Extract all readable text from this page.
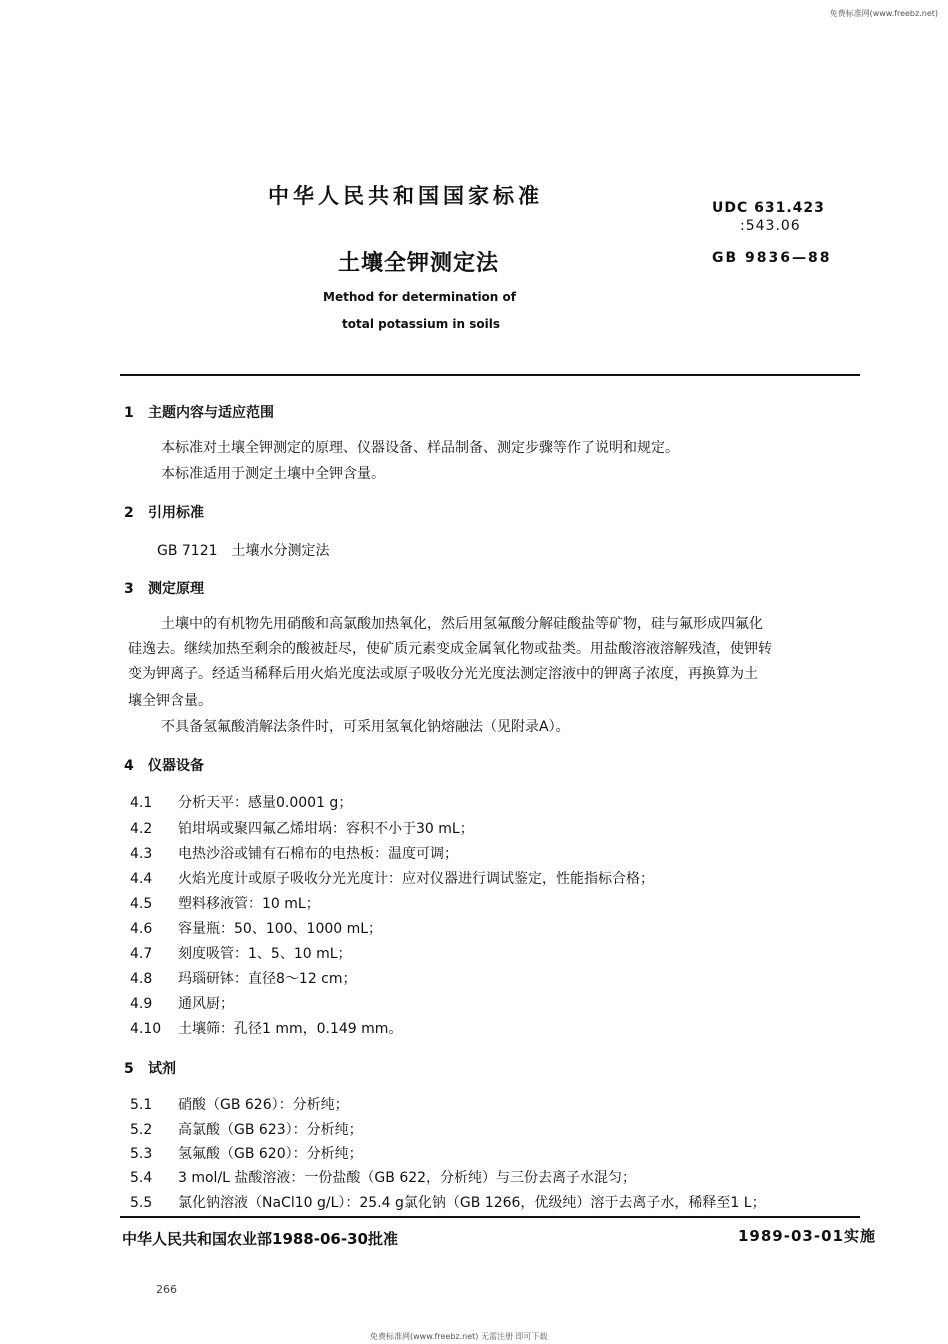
免费标准网(www.freebz.net)
中华人民共和国国家标准	UDC 631.423
:543.06
土壤全钾测定法	GB 9836—88
Method for determination of
total potassium in soils
1 主题内容与适应范围
本标准对土壤全钾测定的原理、仪器设备、样品制备、测定步骤等作了说明和规定。
本标准适用于测定土壤中全钾含量。
2 引用标准
GB 7121　土壤水分测定法
3 测定原理
土壤中的有机物先用硝酸和高氯酸加热氧化，然后用氢氟酸分解硅酸盐等矿物，硅与氟形成四氟化
硅逸去。继续加热至剩余的酸被赶尽，使矿质元素变成金属氧化物或盐类。用盐酸溶液溶解残渣，使钾转
变为钾离子。经适当稀释后用火焰光度法或原子吸收分光光度法测定溶液中的钾离子浓度，再换算为土
壤全钾含量。
不具备氢氟酸消解法条件时，可采用氢氧化钠熔融法（见附录A）。
4 仪器设备
4.1 分析天平：感量0.0001 g；
4.2 铂坩埚或聚四氟乙烯坩埚：容积不小于30 mL；
4.3 电热沙浴或铺有石棉布的电热板：温度可调；
4.4 火焰光度计或原子吸收分光光度计：应对仪器进行调试鉴定，性能指标合格；
4.5 塑料移液管：10 mL；
4.6 容量瓶：50、100、1000 mL；
4.7 刻度吸管：1、5、10 mL；
4.8 玛瑙研钵：直径8～12 cm；
4.9 通风厨；
4.10 土壤筛：孔径1 mm，0.149 mm。
5 试剂
5.1 硝酸（GB 626）：分析纯；
5.2 高氯酸（GB 623）：分析纯；
5.3 氢氟酸（GB 620）：分析纯；
5.4 3 mol/L 盐酸溶液：一份盐酸（GB 622，分析纯）与三份去离子水混匀；
5.5 氯化钠溶液（NaCl10 g/L）：25.4 g氯化钠（GB 1266，优级纯）溶于去离子水，稀释至1 L；
中华人民共和国农业部1988-06-30批准	1989-03-01实施
266
免费标准网(www.freebz.net) 无需注册 即可下载
